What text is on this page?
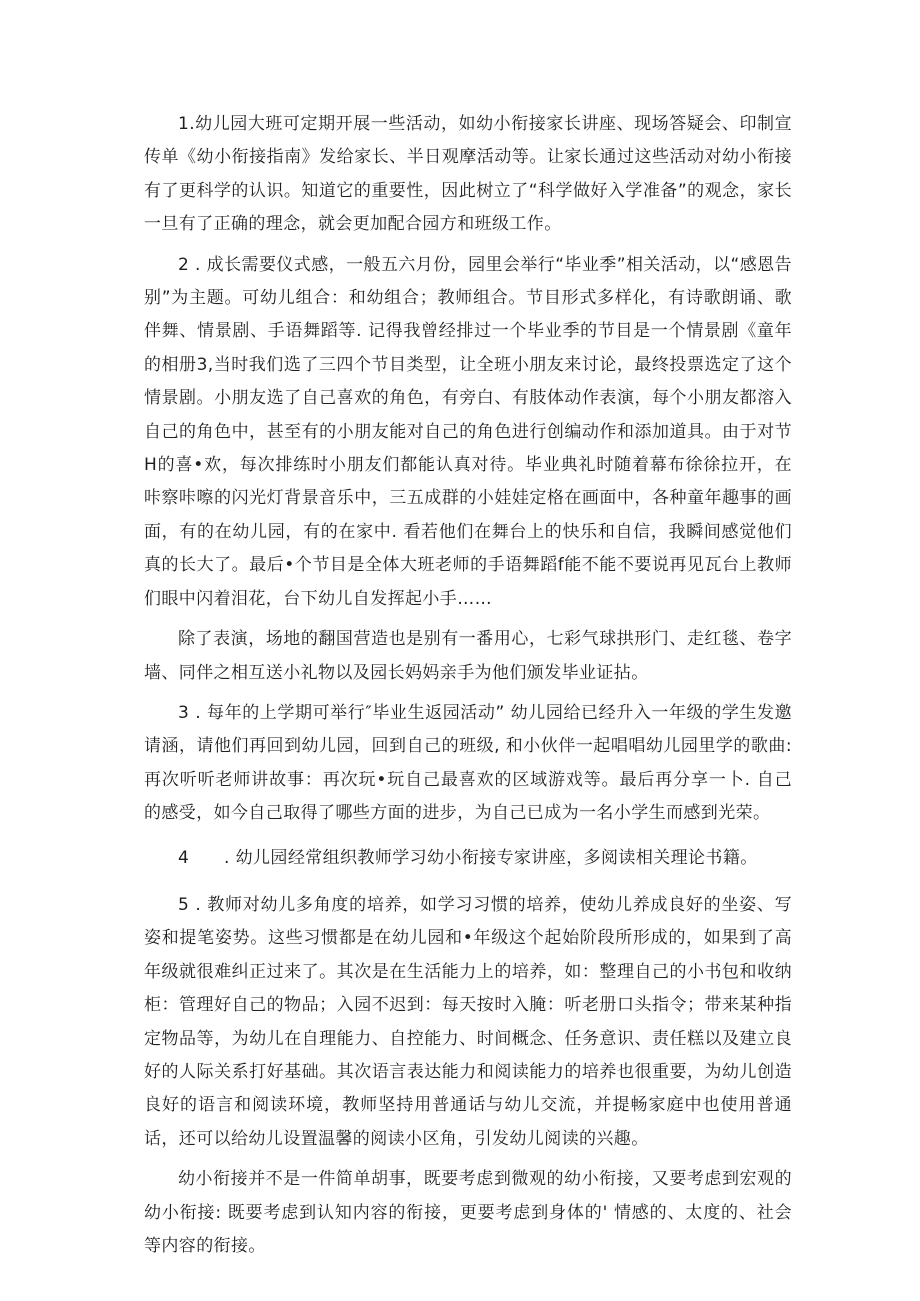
1.幼儿园大班可定期开展一些活动，如幼小衔接家长讲座、现场答疑会、印制宣传单《幼小衔接指南》发给家长、半日观摩活动等。让家长通过这些活动对幼小衔接有了更科学的认识。知道它的重要性，因此树立了“科学做好入学准备”的观念，家长一旦有了正确的理念，就会更加配合园方和班级工作。

2 . 成长需要仪式感，一般五六月份，园里会举行“毕业季”相关活动，以“感恩告别”为主题。可幼儿组合：和幼组合；教师组合。节目形式多样化，有诗歌朗诵、歌伴舞、情景剧、手语舞蹈等. 记得我曾经排过一个毕业季的节目是一个情景剧《童年的相册3,当时我们选了三四个节目类型，让全班小朋友来讨论，最终投票选定了这个情景剧。小朋友选了自己喜欢的角色，有旁白、有肢体动作表演，每个小朋友都溶入自己的角色中，甚至有的小朋友能对自己的角色进行创编动作和添加道具。由于对节H的喜•欢，每次排练时小朋友们都能认真对待。毕业典礼时随着幕布徐徐拉开，在咔察咔嚓的闪光灯背景音乐中，三五成群的小娃娃定格在画面中，各种童年趣事的画面，有的在幼儿园，有的在家中. 看若他们在舞台上的快乐和自信，我瞬间感觉他们真的长大了。最后•个节目是全体大班老师的手语舞蹈f能不能不要说再见瓦台上教师们眼中闪着泪花，台下幼儿自发挥起小手……

除了表演，场地的翻国营造也是别有一番用心，七彩气球拱形门、走红毯、卷字墙、同伴之相互送小礼物以及园长妈妈亲手为他们颁发毕业证拈。

3 . 每年的上学期可举行″毕业生返园活动” 幼儿园给已经升入一年级的学生发邀请涵，请他们再回到幼儿园，回到自己的班级, 和小伙伴一起唱唱幼儿园里学的歌曲: 再次听听老师讲故事：再次玩•玩自己最喜欢的区域游戏等。最后再分享一卜. 自己的感受，如今自己取得了哪些方面的进步，为自己已成为一名小学生而感到光荣。

4　　. 幼儿园经常组织教师学习幼小衔接专家讲座，多阅读相关理论书籍。

5 . 教师对幼儿多角度的培养，如学习习惯的培养，使幼儿养成良好的坐姿、写姿和提笔姿势。这些习惯都是在幼儿园和•年级这个起始阶段所形成的，如果到了高年级就很难纠正过来了。其次是在生活能力上的培养，如：整理自己的小书包和收纳柜：管理好自己的物品；入园不迟到：每天按时入腌：听老册口头指令；带来某种指定物品等，为幼儿在自理能力、自控能力、时间概念、任务意识、责任糕以及建立良好的人际关系打好基础。其次语言表达能力和阅读能力的培养也很重要，为幼儿创造良好的语言和阅读环境，教师坚持用普通话与幼儿交流，并提畅家庭中也使用普通话，还可以给幼儿设置温馨的阅读小区角，引发幼儿阅读的兴趣。

幼小衔接并不是一件简单胡事，既要考虑到微观的幼小衔接，又要考虑到宏观的幼小衔接: 既要考虑到认知内容的衔接，更要考虑到身体的' 情感的、太度的、社会等内容的衔接。
